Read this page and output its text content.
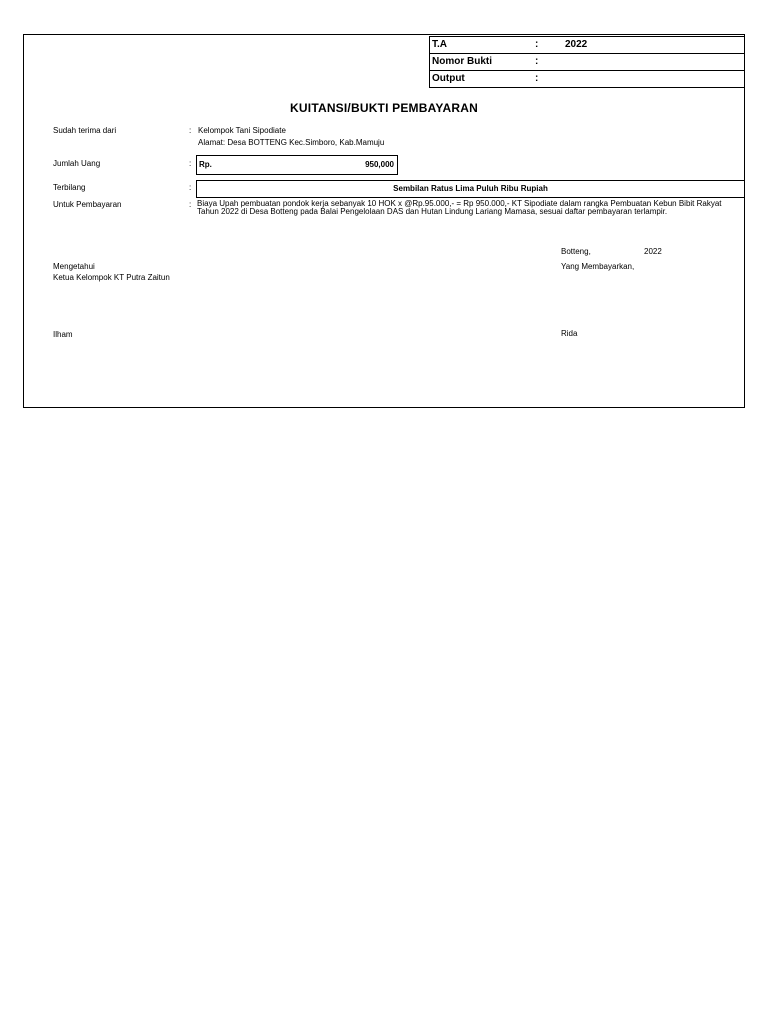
T.A	:	2022

Nomor Bukti	:

Output	:
KUITANSI/BUKTI PEMBAYARAN
Sudah terima dari	: Kelompok Tani Sipodiate
Alamat: Desa BOTTENG Kec.Simboro, Kab.Mamuju
Jumlah Uang	: Rp.	950,000
Terbilang	:	Sembilan Ratus Lima Puluh Ribu Rupiah
Untuk Pembayaran	: Biaya Upah pembuatan pondok kerja sebanyak 10 HOK x @Rp.95.000,- = Rp 950.000,- KT Sipodiate dalam rangka Pembuatan Kebun Bibit Rakyat Tahun 2022 di Desa Botteng pada Balai Pengelolaan DAS dan Hutan Lindung Lariang Mamasa, sesuai daftar pembayaran terlampir.
Botteng,	2022
Mengetahui
Ketua Kelompok KT Putra Zaitun
Yang Membayarkan,
Ilham	Rida
